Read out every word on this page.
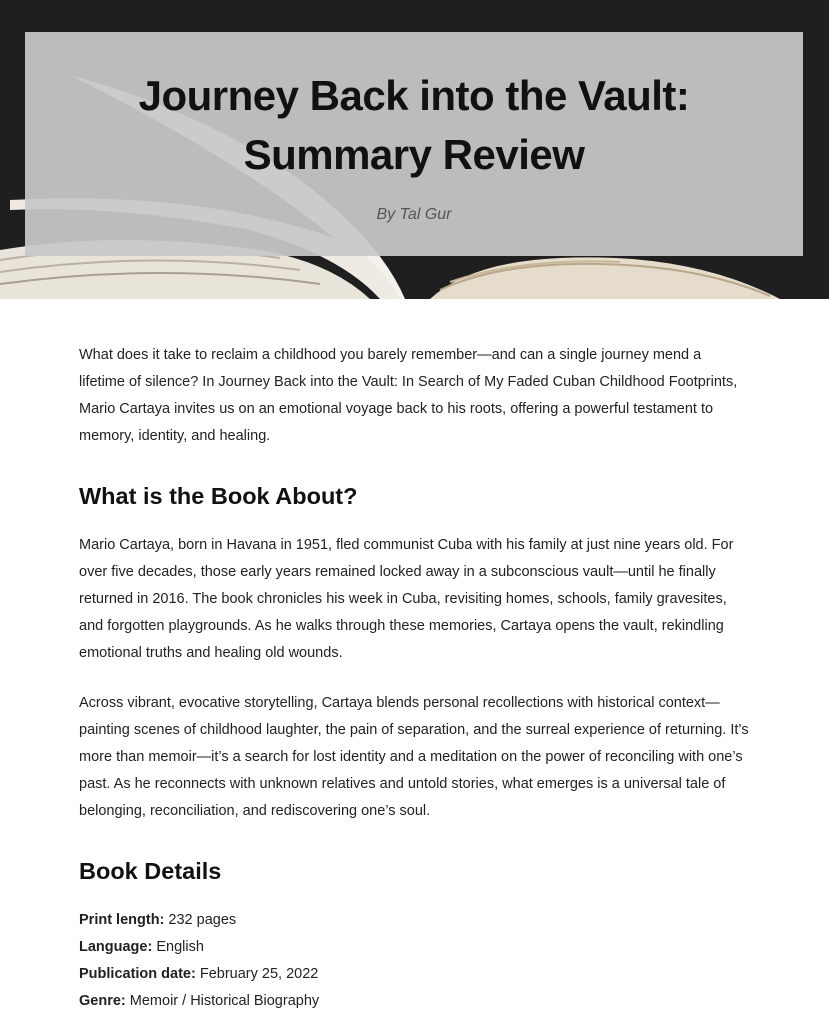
Journey Back into the Vault:
Summary Review
By Tal Gur

What does it take to reclaim a childhood you barely remember—and can a single journey mend a lifetime of silence? In Journey Back into the Vault: In Search of My Faded Cuban Childhood Footprints, Mario Cartaya invites us on an emotional voyage back to his roots, offering a powerful testament to memory, identity, and healing.

What is the Book About?

Mario Cartaya, born in Havana in 1951, fled communist Cuba with his family at just nine years old. For over five decades, those early years remained locked away in a subconscious vault—until he finally returned in 2016. The book chronicles his week in Cuba, revisiting homes, schools, family gravesites, and forgotten playgrounds. As he walks through these memories, Cartaya opens the vault, rekindling emotional truths and healing old wounds.

Across vibrant, evocative storytelling, Cartaya blends personal recollections with historical context—painting scenes of childhood laughter, the pain of separation, and the surreal experience of returning. It’s more than memoir—it’s a search for lost identity and a meditation on the power of reconciling with one’s past. As he reconnects with unknown relatives and untold stories, what emerges is a universal tale of belonging, reconciliation, and rediscovering one’s soul.

Book Details
Print length: 232 pages
Language: English
Publication date: February 25, 2022
Genre: Memoir / Historical Biography
